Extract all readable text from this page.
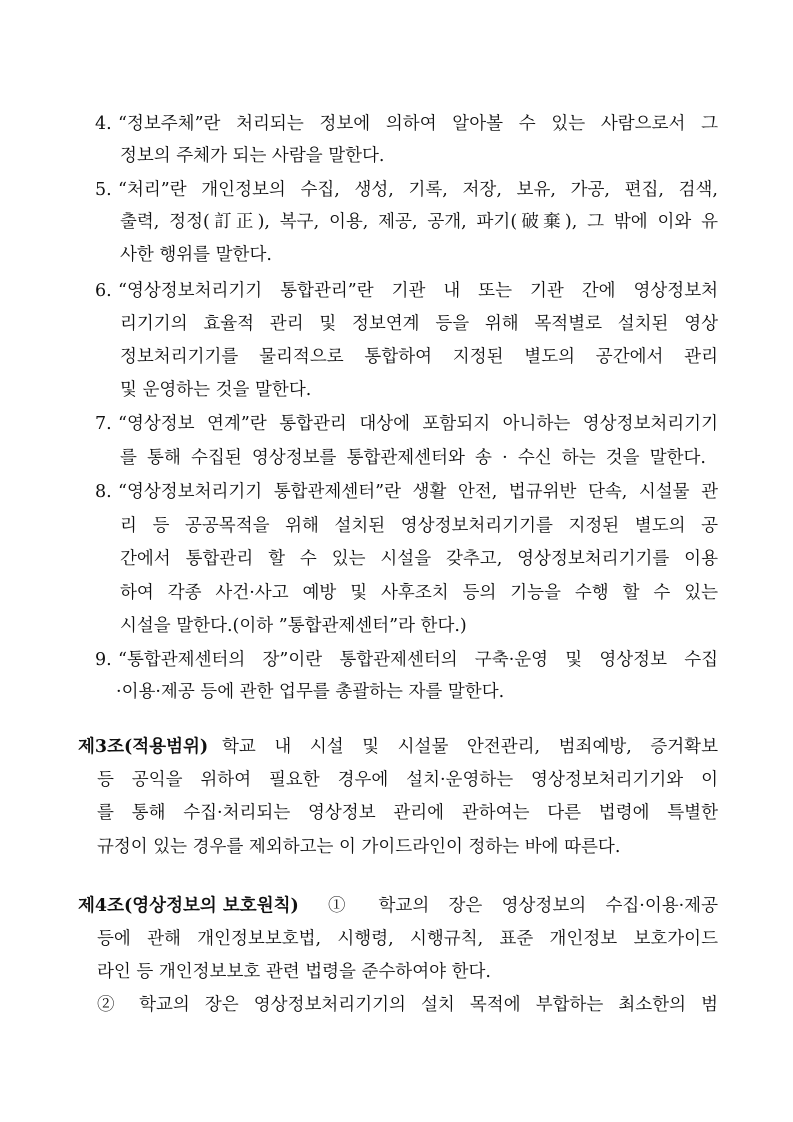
4. “정보주체”란 처리되는 정보에 의하여 알아볼 수 있는 사람으로서 그
정보의 주체가 되는 사람을 말한다.
5. “처리”란 개인정보의 수집, 생성, 기록, 저장, 보유, 가공, 편집, 검색,
출력, 정정(訂正), 복구, 이용, 제공, 공개, 파기(破棄), 그 밖에 이와 유
사한 행위를 말한다.
6. “영상정보처리기기 통합관리”란 기관 내 또는 기관 간에 영상정보처
리기기의 효율적 관리 및 정보연계 등을 위해 목적별로 설치된 영상
정보처리기기를 물리적으로 통합하여 지정된 별도의 공간에서 관리
및 운영하는 것을 말한다.
7. “영상정보 연계”란 통합관리 대상에 포함되지 아니하는 영상정보처리기기
를 통해 수집된 영상정보를 통합관제센터와 송 · 수신 하는 것을 말한다.
8. “영상정보처리기기 통합관제센터”란 생활 안전, 법규위반 단속, 시설물 관
리 등 공공목적을 위해 설치된 영상정보처리기기를 지정된 별도의 공
간에서 통합관리 할 수 있는 시설을 갖추고, 영상정보처리기기를 이용
하여 각종 사건·사고 예방 및 사후조치 등의 기능을 수행 할 수 있는
시설을 말한다.(이하 ”통합관제센터”라 한다.)
9. “통합관제센터의 장”이란 통합관제센터의 구축·운영 및 영상정보 수집
·이용·제공 등에 관한 업무를 총괄하는 자를 말한다.
제3조(적용범위) 학교 내 시설 및 시설물 안전관리, 범죄예방, 증거확보
등 공익을 위하여 필요한 경우에 설치·운영하는 영상정보처리기기와 이
를 통해 수집·처리되는 영상정보 관리에 관하여는 다른 법령에 특별한
규정이 있는 경우를 제외하고는 이 가이드라인이 정하는 바에 따른다.
제4조(영상정보의 보호원칙) ① 학교의 장은 영상정보의 수집·이용·제공
등에 관해 개인정보보호법, 시행령, 시행규칙, 표준 개인정보 보호가이드
라인 등 개인정보보호 관련 법령을 준수하여야 한다.
② 학교의 장은 영상정보처리기기의 설치 목적에 부합하는 최소한의 범
